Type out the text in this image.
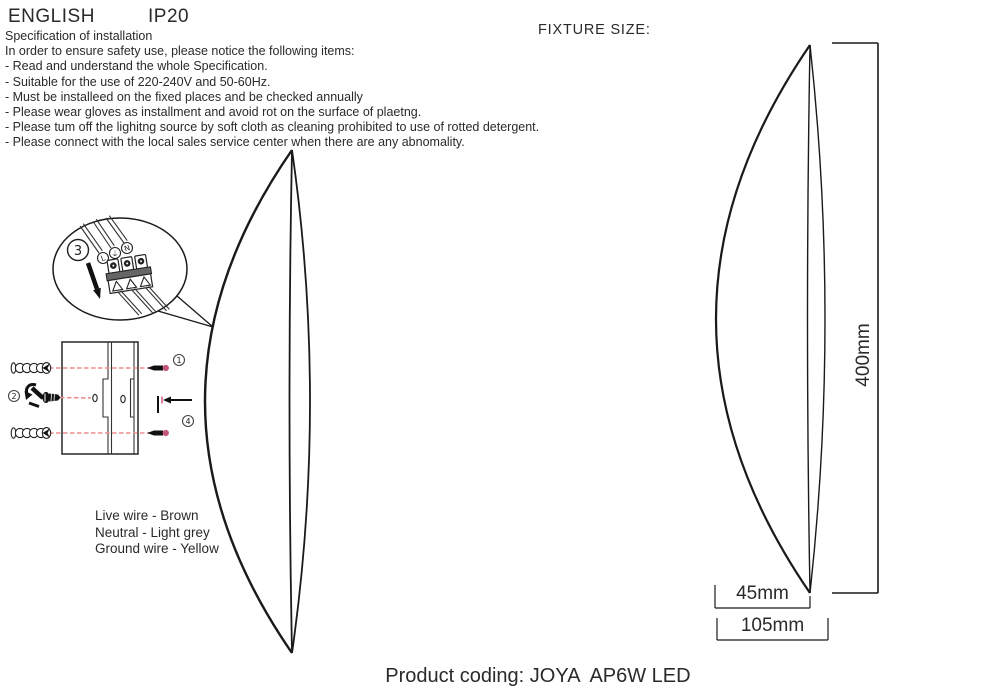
ENGLISH	IP20
Specification of installation
In order to ensure safety use, please notice the following items:
- Read and understand the whole Specification.
- Suitable for the use of 220-240V and 50-60Hz.
- Must be installeed on the fixed places and be checked annually
- Please wear gloves as installment and avoid rot on the surface of plaetng.
- Please tum off the lighitng source by soft cloth as cleaning prohibited to use of rotted detergent.
- Please connect with the local sales service center when there are any abnomality.
FIXTURE SIZE:
Live wire - Brown
Neutral - Light grey
Ground wire - Yellow
400mm
45mm
105mm

Product coding: JOYA  AP6W LED

L ⏚
N
3
1
2
4
